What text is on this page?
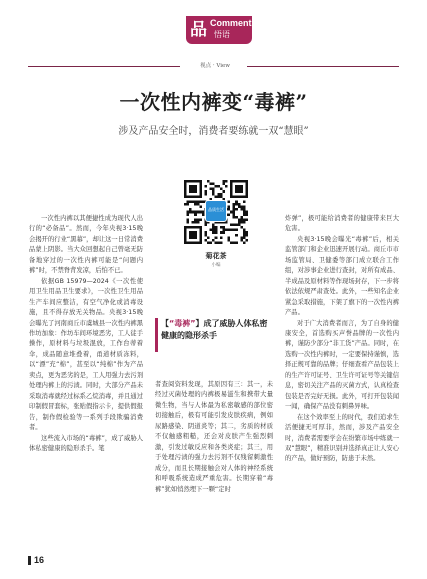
品 Comments
悟语
视点 · View
一次性内裤变“毒裤”
涉及产品安全时，消费者要练就一双“慧眼”

一次性内裤以其便捷性成为现代人出行的“必备品”。然而，今年央视3·15晚会揭开的行业“黑幕”，却让这一日常消费品蒙上阴影。当大众回想起自己曾毫无防备地穿过的一次性内裤可能是“问题内裤”时，不禁脊背发凉，后怕不已。

依据GB 15979—2024《一次性使用卫生用品卫生要求》，一次性卫生用品生产车间应整洁，有空气净化或消毒设施，且不得存放无关物品。央视3·15晚会曝光了河南商丘市虞城县一次性内裤黑作坊加象：作坊车间环境恶劣，工人徒手操作，原材料与垃圾混放，工作台蒂着伞，成品随意堆叠着，甬道材质冻料，以“漂”充“棉”，甚至以“纯棉”作为产品卖点，更为恶劣的是，工人用强力去污剂处理内裤上的污渍。同时，大部分产品未采取消毒就经过标系乙烷消毒，并且通过印制假冒套标，张贴假指示卡，提供假报告，制作假检验等一系列手段欺骗消费者。

这些流入市场的“毒裤”，成了威胁人体私密健康的隐形杀手。笔

品质生活
菊花茶
小编
【“毒裤”】成了威胁人体私密健康的隐形杀手

者查阅资料发现，其原因有三：其一，未经过灭菌处理的内裤极易滋生和携带大量微生物，当与人体最为私密敏感的部位密切接触后，极有可能引发皮肤疾病，例如尿路感染、阴道炎等；其二，劣质的材质不仅触感粗糙，还会对皮肤产生强烈刺激，引发过敏反应和各类炎症；其三，用于处理污渍的强力去污剂不仅残留刺激性成分，而且长期接触会对人体的神经系统和呼吸系统造成严重危害。长期穿着“毒裤”犹如悄然埋下一颗“定时

炸弹”，极可能给消费者的健康带来巨大危害。

央视3·15晚会曝光“毒裤”后，相关监管部门和企业迅速开展行动。商丘市市场监管局、卫健委等部门成立联合工作组，对涉事企业进行查封，对所有成品、半成品及原材料等作现场封存，下一步将依法依规严肃查处。此外，一些知名企业紧急采取措施，下架了旗下的一次性内裤产品。

对于广大消费者而言，为了自身的健康安全，首选购买声誉品牌的一次性内裤，谨防少部分“非工货”产品。同时，在选购一次性内裤时，一定要保持谨慎，选择正规可靠的品牌；仔细查看产品包装上的生产许可证号、卫生许可证号等关键信息，密切关注产品的灭菌方式，认真检查包装是否完好无损。此外，可打开包装闻一闻，确保产品没有刺鼻异味。

在这个效率至上的时代，我们追求生活便捷无可厚非，然而，涉及产品安全时，消费者需要学会在纷繁市场中练就一双“慧眼”，精准识别并选择真正让人安心的产品，做好预防，防患于未然。

16
